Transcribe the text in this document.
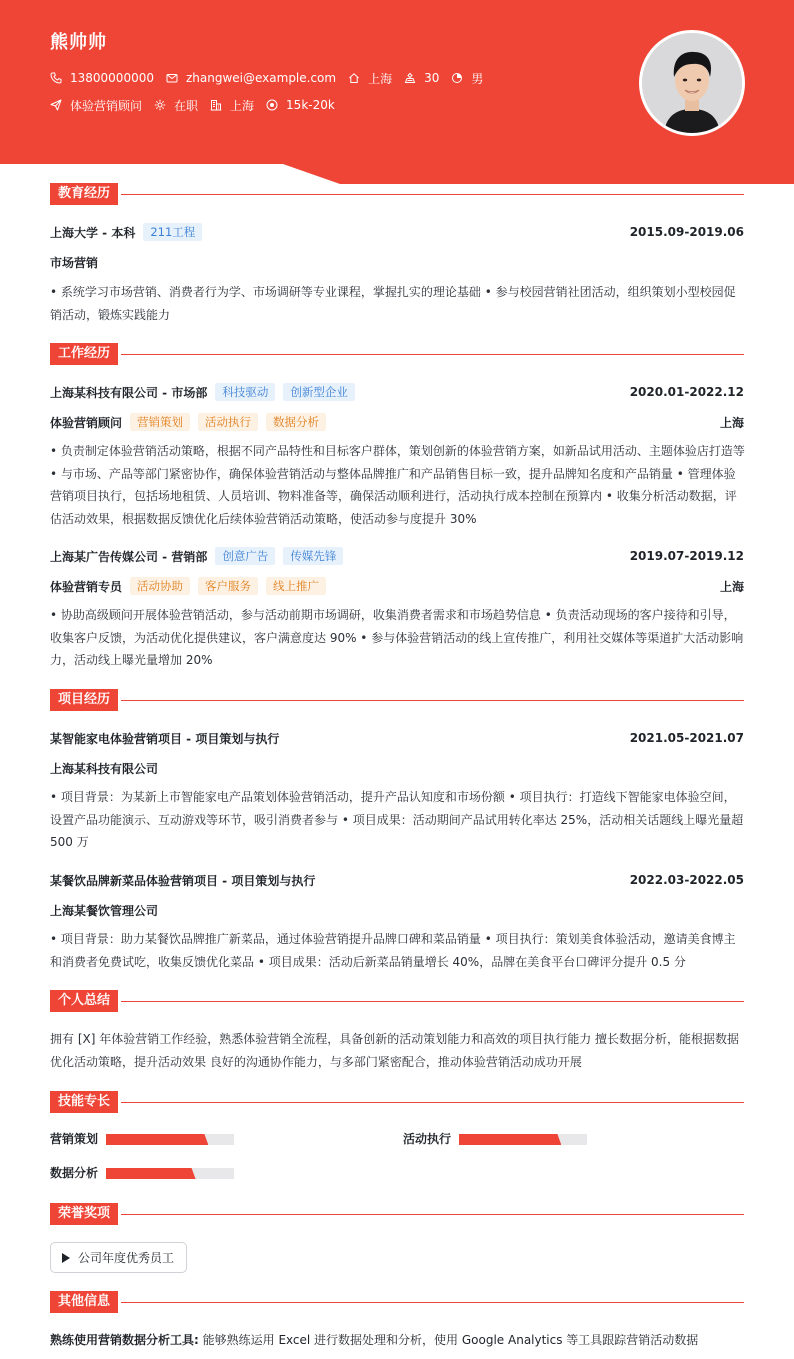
熊帅帅
13800000000	zhangwei@example.com	上海	30	男
体验营销顾问	在职	上海	15k-20k
教育经历
上海大学 - 本科	211工程	2015.09-2019.06
市场营销
• 系统学习市场营销、消费者行为学、市场调研等专业课程，掌握扎实的理论基础 • 参与校园营销社团活动，组织策划小型校园促销活动，锻炼实践能力
工作经历
上海某科技有限公司 - 市场部	科技驱动	创新型企业	2020.01-2022.12
体验营销顾问	营销策划	活动执行	数据分析	上海
• 负责制定体验营销活动策略，根据不同产品特性和目标客户群体，策划创新的体验营销方案，如新品试用活动、主题体验店打造等 • 与市场、产品等部门紧密协作，确保体验营销活动与整体品牌推广和产品销售目标一致，提升品牌知名度和产品销量 • 管理体验营销项目执行，包括场地租赁、人员培训、物料准备等，确保活动顺利进行，活动执行成本控制在预算内 • 收集分析活动数据，评估活动效果，根据数据反馈优化后续体验营销活动策略，使活动参与度提升 30%
上海某广告传媒公司 - 营销部	创意广告	传媒先锋	2019.07-2019.12
体验营销专员	活动协助	客户服务	线上推广	上海
• 协助高级顾问开展体验营销活动，参与活动前期市场调研，收集消费者需求和市场趋势信息 • 负责活动现场的客户接待和引导，收集客户反馈，为活动优化提供建议，客户满意度达 90% • 参与体验营销活动的线上宣传推广，利用社交媒体等渠道扩大活动影响力，活动线上曝光量增加 20%
项目经历
某智能家电体验营销项目 - 项目策划与执行	2021.05-2021.07
上海某科技有限公司
• 项目背景：为某新上市智能家电产品策划体验营销活动，提升产品认知度和市场份额 • 项目执行：打造线下智能家电体验空间，设置产品功能演示、互动游戏等环节，吸引消费者参与 • 项目成果：活动期间产品试用转化率达 25%，活动相关话题线上曝光量超 500 万
某餐饮品牌新菜品体验营销项目 - 项目策划与执行	2022.03-2022.05
上海某餐饮管理公司
• 项目背景：助力某餐饮品牌推广新菜品，通过体验营销提升品牌口碑和菜品销量 • 项目执行：策划美食体验活动，邀请美食博主和消费者免费试吃，收集反馈优化菜品 • 项目成果：活动后新菜品销量增长 40%，品牌在美食平台口碑评分提升 0.5 分
个人总结
拥有 [X] 年体验营销工作经验，熟悉体验营销全流程，具备创新的活动策划能力和高效的项目执行能力 擅长数据分析，能根据数据优化活动策略，提升活动效果 良好的沟通协作能力，与多部门紧密配合，推动体验营销活动成功开展
技能专长
营销策划	活动执行
数据分析
荣誉奖项
公司年度优秀员工
其他信息
熟练使用营销数据分析工具: 能够熟练运用 Excel 进行数据处理和分析，使用 Google Analytics 等工具跟踪营销活动数据
